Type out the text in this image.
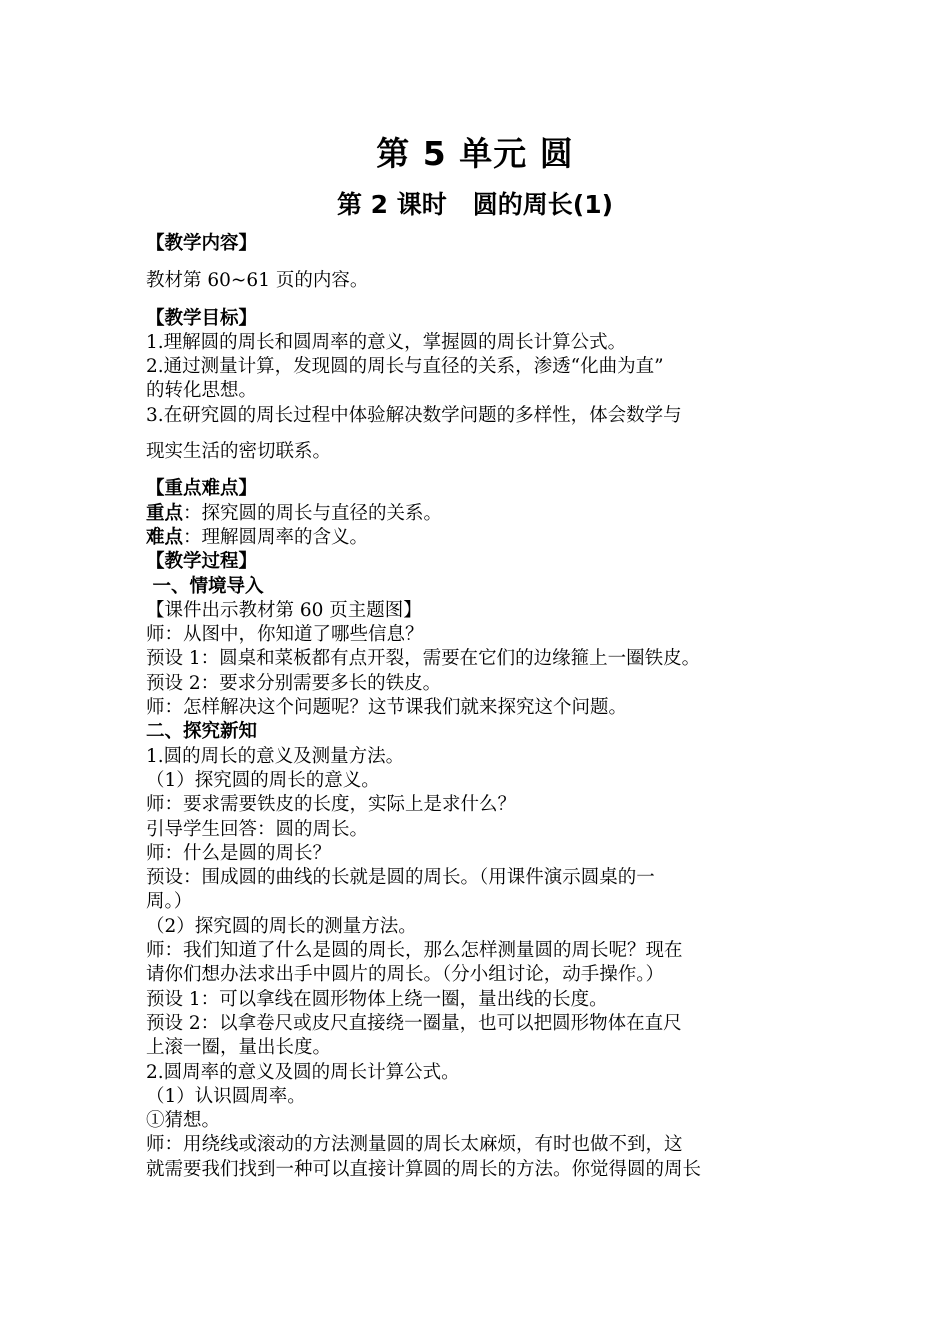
第 5 单元 圆
第 2 课时 圆的周长(1)

【教学内容】

教材第 60~61 页的内容。

【教学目标】

1.理解圆的周长和圆周率的意义，掌握圆的周长计算公式。

2.通过测量计算，发现圆的周长与直径的关系，渗透“化曲为直”

的转化思想。

3.在研究圆的周长过程中体验解决数学问题的多样性，体会数学与

现实生活的密切联系。

【重点难点】

重点：探究圆的周长与直径的关系。

难点：理解圆周率的含义。

【教学过程】

一、情境导入

【课件出示教材第 60 页主题图】

师：从图中，你知道了哪些信息？

预设 1：圆桌和菜板都有点开裂，需要在它们的边缘箍上一圈铁皮。

预设 2：要求分别需要多长的铁皮。

师：怎样解决这个问题呢？这节课我们就来探究这个问题。

二、探究新知

1.圆的周长的意义及测量方法。

（1）探究圆的周长的意义。

师：要求需要铁皮的长度，实际上是求什么？

引导学生回答：圆的周长。

师：什么是圆的周长？

预设：围成圆的曲线的长就是圆的周长。（用课件演示圆桌的一

周。）

（2）探究圆的周长的测量方法。

师：我们知道了什么是圆的周长，那么怎样测量圆的周长呢？现在

请你们想办法求出手中圆片的周长。（分小组讨论，动手操作。）

预设 1：可以拿线在圆形物体上绕一圈，量出线的长度。

预设 2：以拿卷尺或皮尺直接绕一圈量，也可以把圆形物体在直尺

上滚一圈，量出长度。

2.圆周率的意义及圆的周长计算公式。

（1）认识圆周率。

①猜想。

师：用绕线或滚动的方法测量圆的周长太麻烦，有时也做不到，这

就需要我们找到一种可以直接计算圆的周长的方法。你觉得圆的周长
